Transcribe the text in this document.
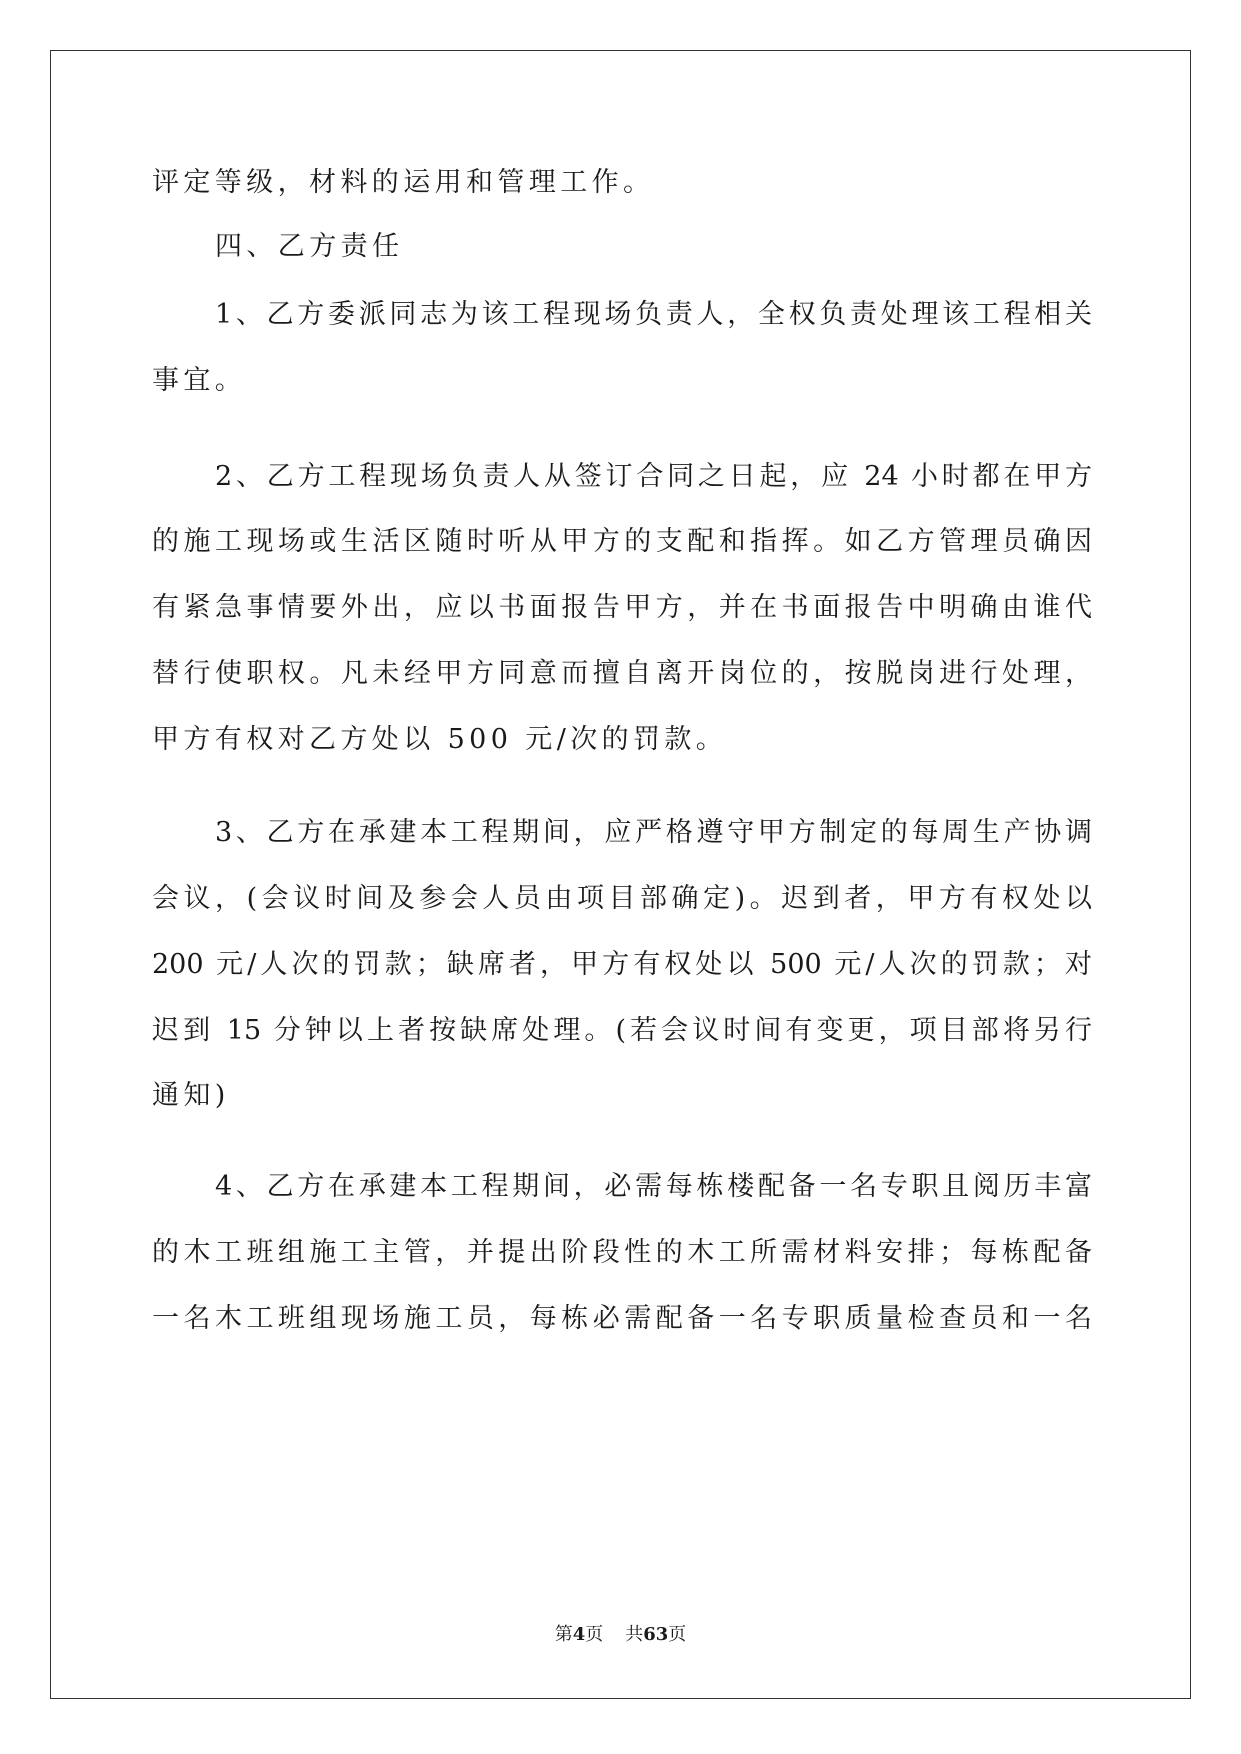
评定等级，材料的运用和管理工作。
四、乙方责任
1、乙方委派同志为该工程现场负责人，全权负责处理该工程相关
事宜。
2、乙方工程现场负责人从签订合同之日起，应 24 小时都在甲方
的施工现场或生活区随时听从甲方的支配和指挥。如乙方管理员确因
有紧急事情要外出，应以书面报告甲方，并在书面报告中明确由谁代
替行使职权。凡未经甲方同意而擅自离开岗位的，按脱岗进行处理，
甲方有权对乙方处以 500 元/次的罚款。
3、乙方在承建本工程期间，应严格遵守甲方制定的每周生产协调
会议，(会议时间及参会人员由项目部确定)。迟到者，甲方有权处以
200 元/人次的罚款；缺席者，甲方有权处以 500 元/人次的罚款；对
迟到 15 分钟以上者按缺席处理。(若会议时间有变更，项目部将另行
通知)
4、乙方在承建本工程期间，必需每栋楼配备一名专职且阅历丰富
的木工班组施工主管，并提出阶段性的木工所需材料安排；每栋配备
一名木工班组现场施工员，每栋必需配备一名专职质量检查员和一名
第4页 共63页
